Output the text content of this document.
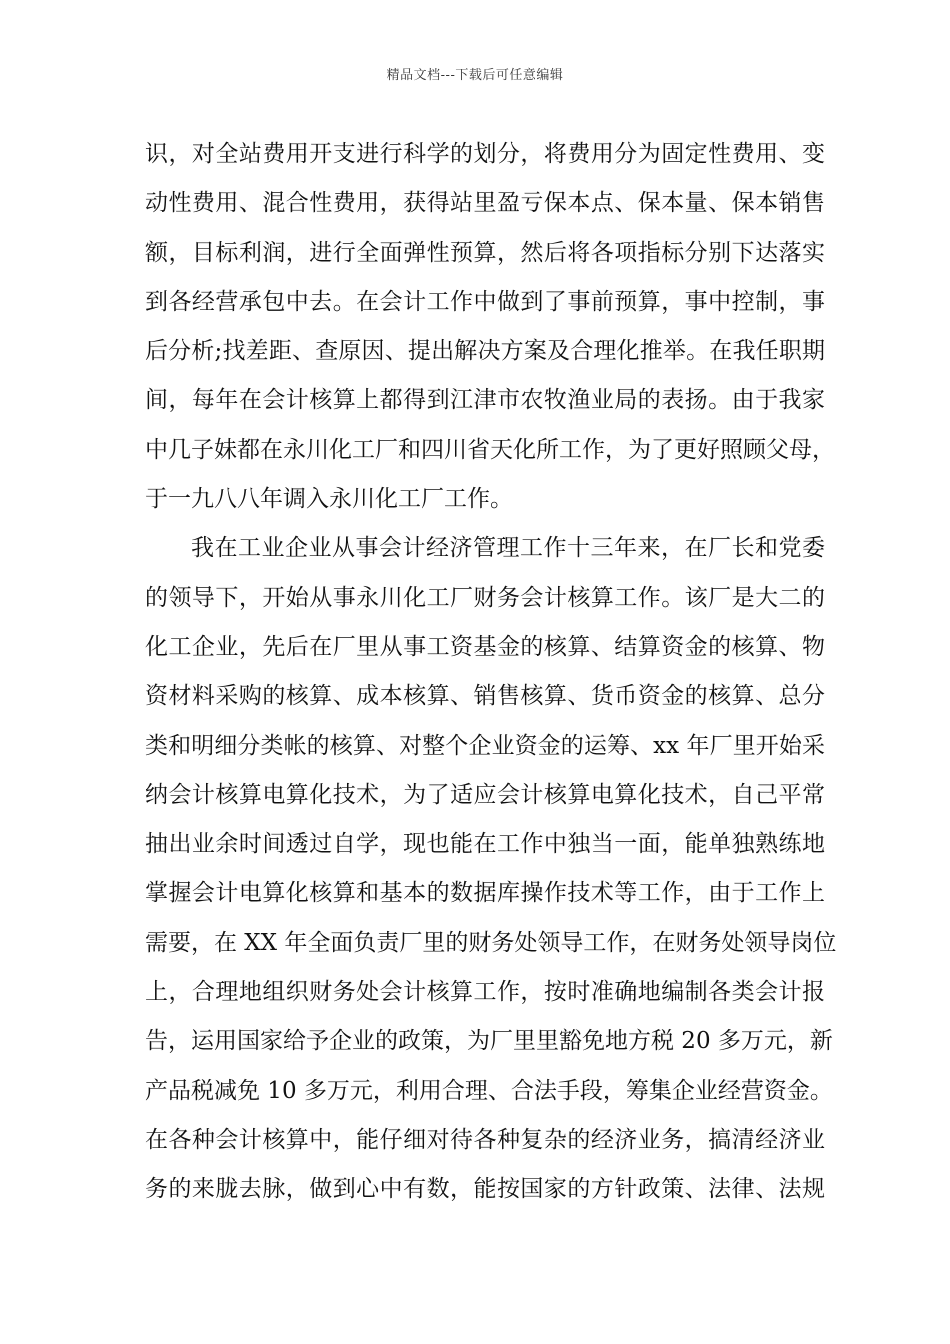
精品文档---下载后可任意编辑
识，对全站费用开支进行科学的划分，将费用分为固定性费用、变
动性费用、混合性费用，获得站里盈亏保本点、保本量、保本销售
额，目标利润，进行全面弹性预算，然后将各项指标分别下达落实
到各经营承包中去。在会计工作中做到了事前预算，事中控制，事
后分析;找差距、查原因、提出解决方案及合理化推举。在我任职期
间，每年在会计核算上都得到江津市农牧渔业局的表扬。由于我家
中几子妹都在永川化工厂和四川省天化所工作，为了更好照顾父母，
于一九八八年调入永川化工厂工作。
我在工业企业从事会计经济管理工作十三年来，在厂长和党委
的领导下，开始从事永川化工厂财务会计核算工作。该厂是大二的
化工企业，先后在厂里从事工资基金的核算、结算资金的核算、物
资材料采购的核算、成本核算、销售核算、货币资金的核算、总分
类和明细分类帐的核算、对整个企业资金的运筹、xx 年厂里开始采
纳会计核算电算化技术，为了适应会计核算电算化技术，自己平常
抽出业余时间透过自学，现也能在工作中独当一面，能单独熟练地
掌握会计电算化核算和基本的数据库操作技术等工作，由于工作上
需要，在 XX 年全面负责厂里的财务处领导工作，在财务处领导岗位
上，合理地组织财务处会计核算工作，按时准确地编制各类会计报
告，运用国家给予企业的政策，为厂里里豁免地方税 20 多万元，新
产品税减免 10 多万元，利用合理、合法手段，筹集企业经营资金。
在各种会计核算中，能仔细对待各种复杂的经济业务，搞清经济业
务的来胧去脉，做到心中有数，能按国家的方针政策、法律、法规
